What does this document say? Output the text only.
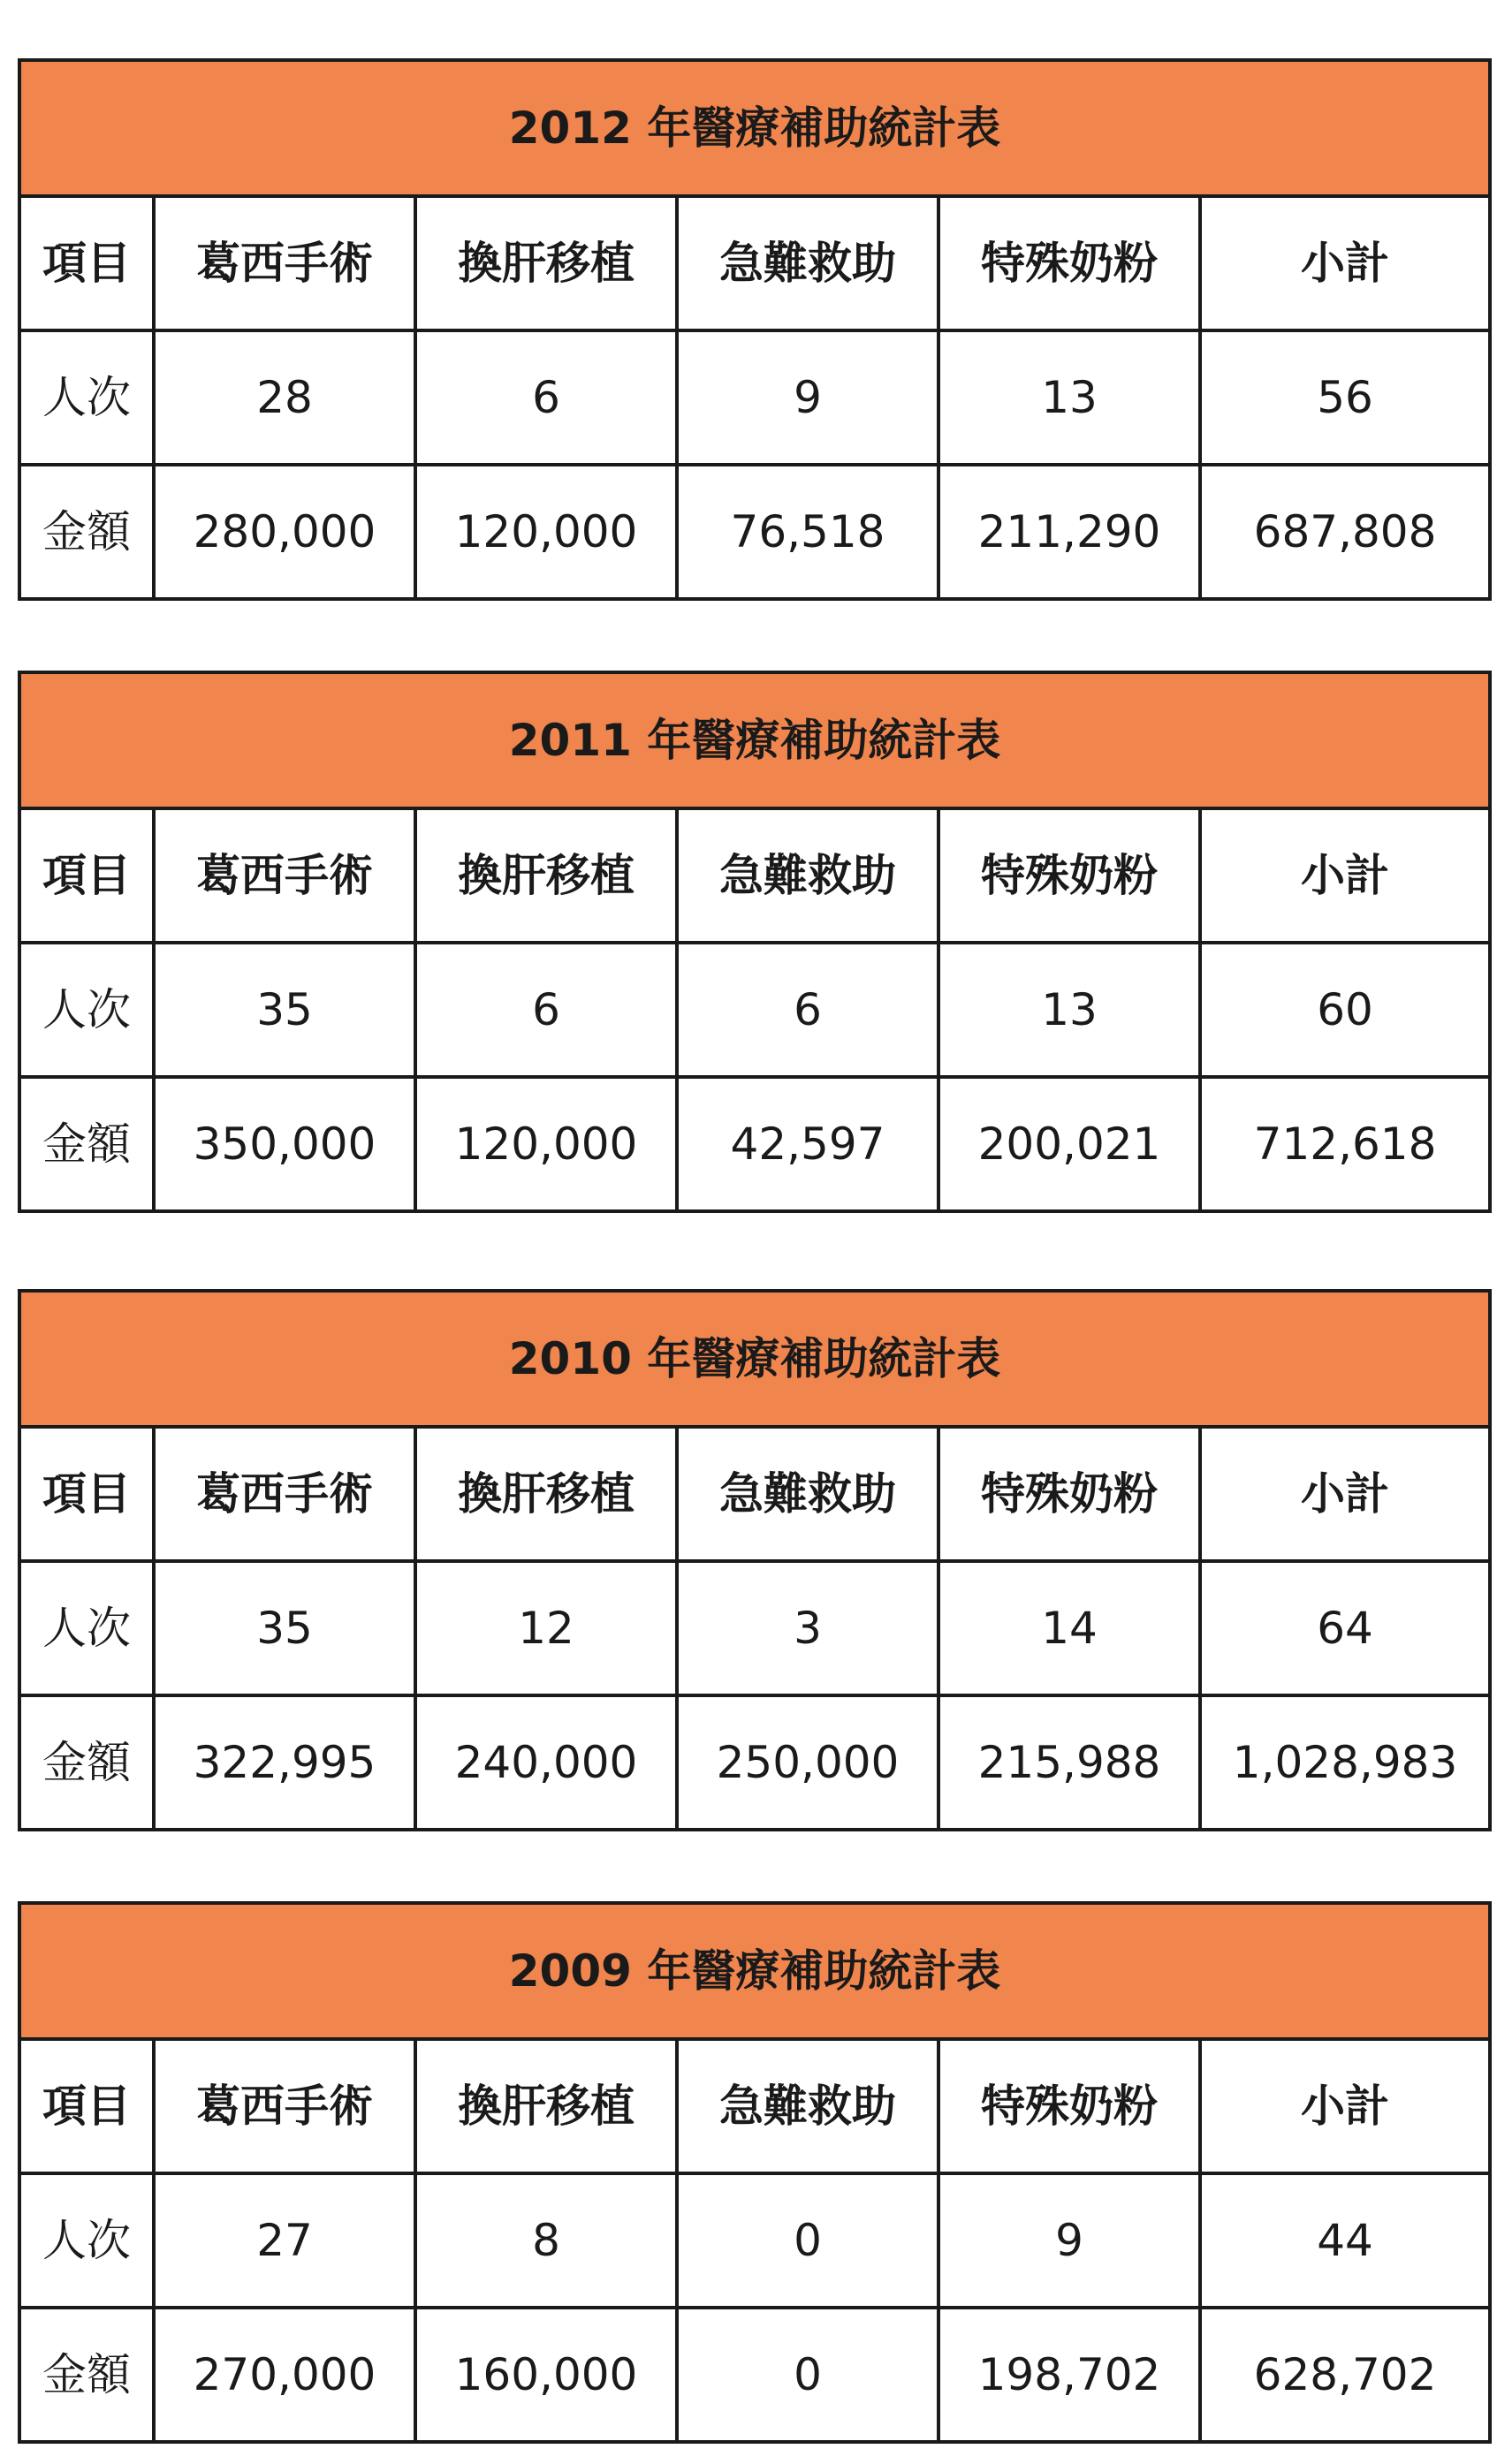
2012 年醫療補助統計表					
項目	葛西手術	換肝移植	急難救助	特殊奶粉	小計
人次	28	6	9	13	56
金額	280,000	120,000	76,518	211,290	687,808
2011 年醫療補助統計表					
項目	葛西手術	換肝移植	急難救助	特殊奶粉	小計
人次	35	6	6	13	60
金額	350,000	120,000	42,597	200,021	712,618
2010 年醫療補助統計表					
項目	葛西手術	換肝移植	急難救助	特殊奶粉	小計
人次	35	12	3	14	64
金額	322,995	240,000	250,000	215,988	1,028,983
2009 年醫療補助統計表					
項目	葛西手術	換肝移植	急難救助	特殊奶粉	小計
人次	27	8	0	9	44
金額	270,000	160,000	0	198,702	628,702
